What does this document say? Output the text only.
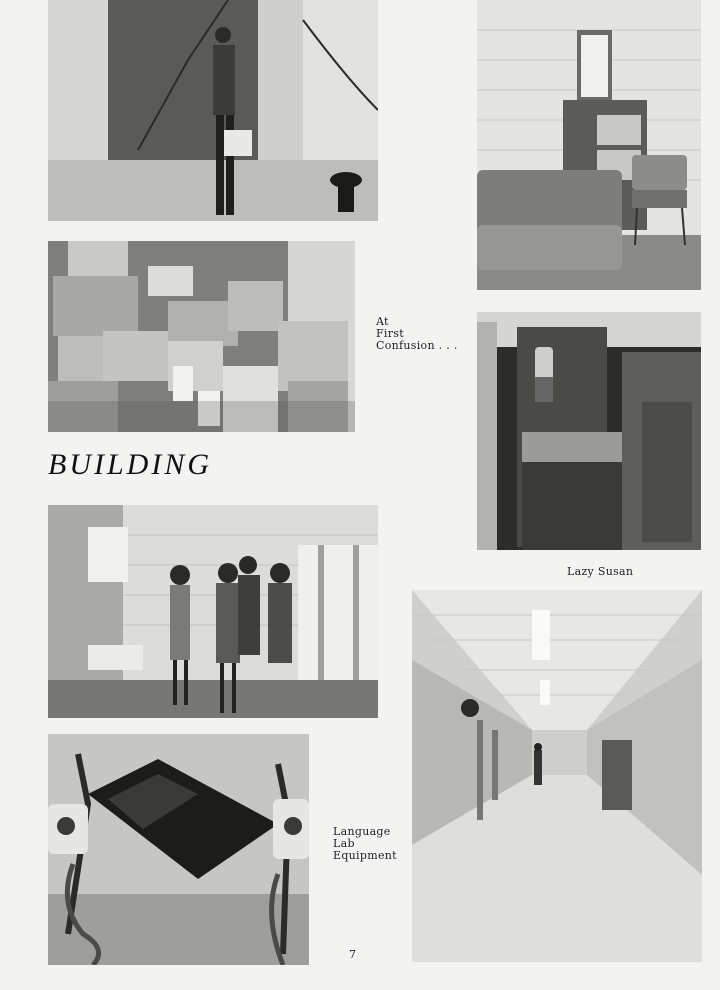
At
First
Confusion . . .
Lazy Susan
BUILDING
Language
Lab
Equipment
7
